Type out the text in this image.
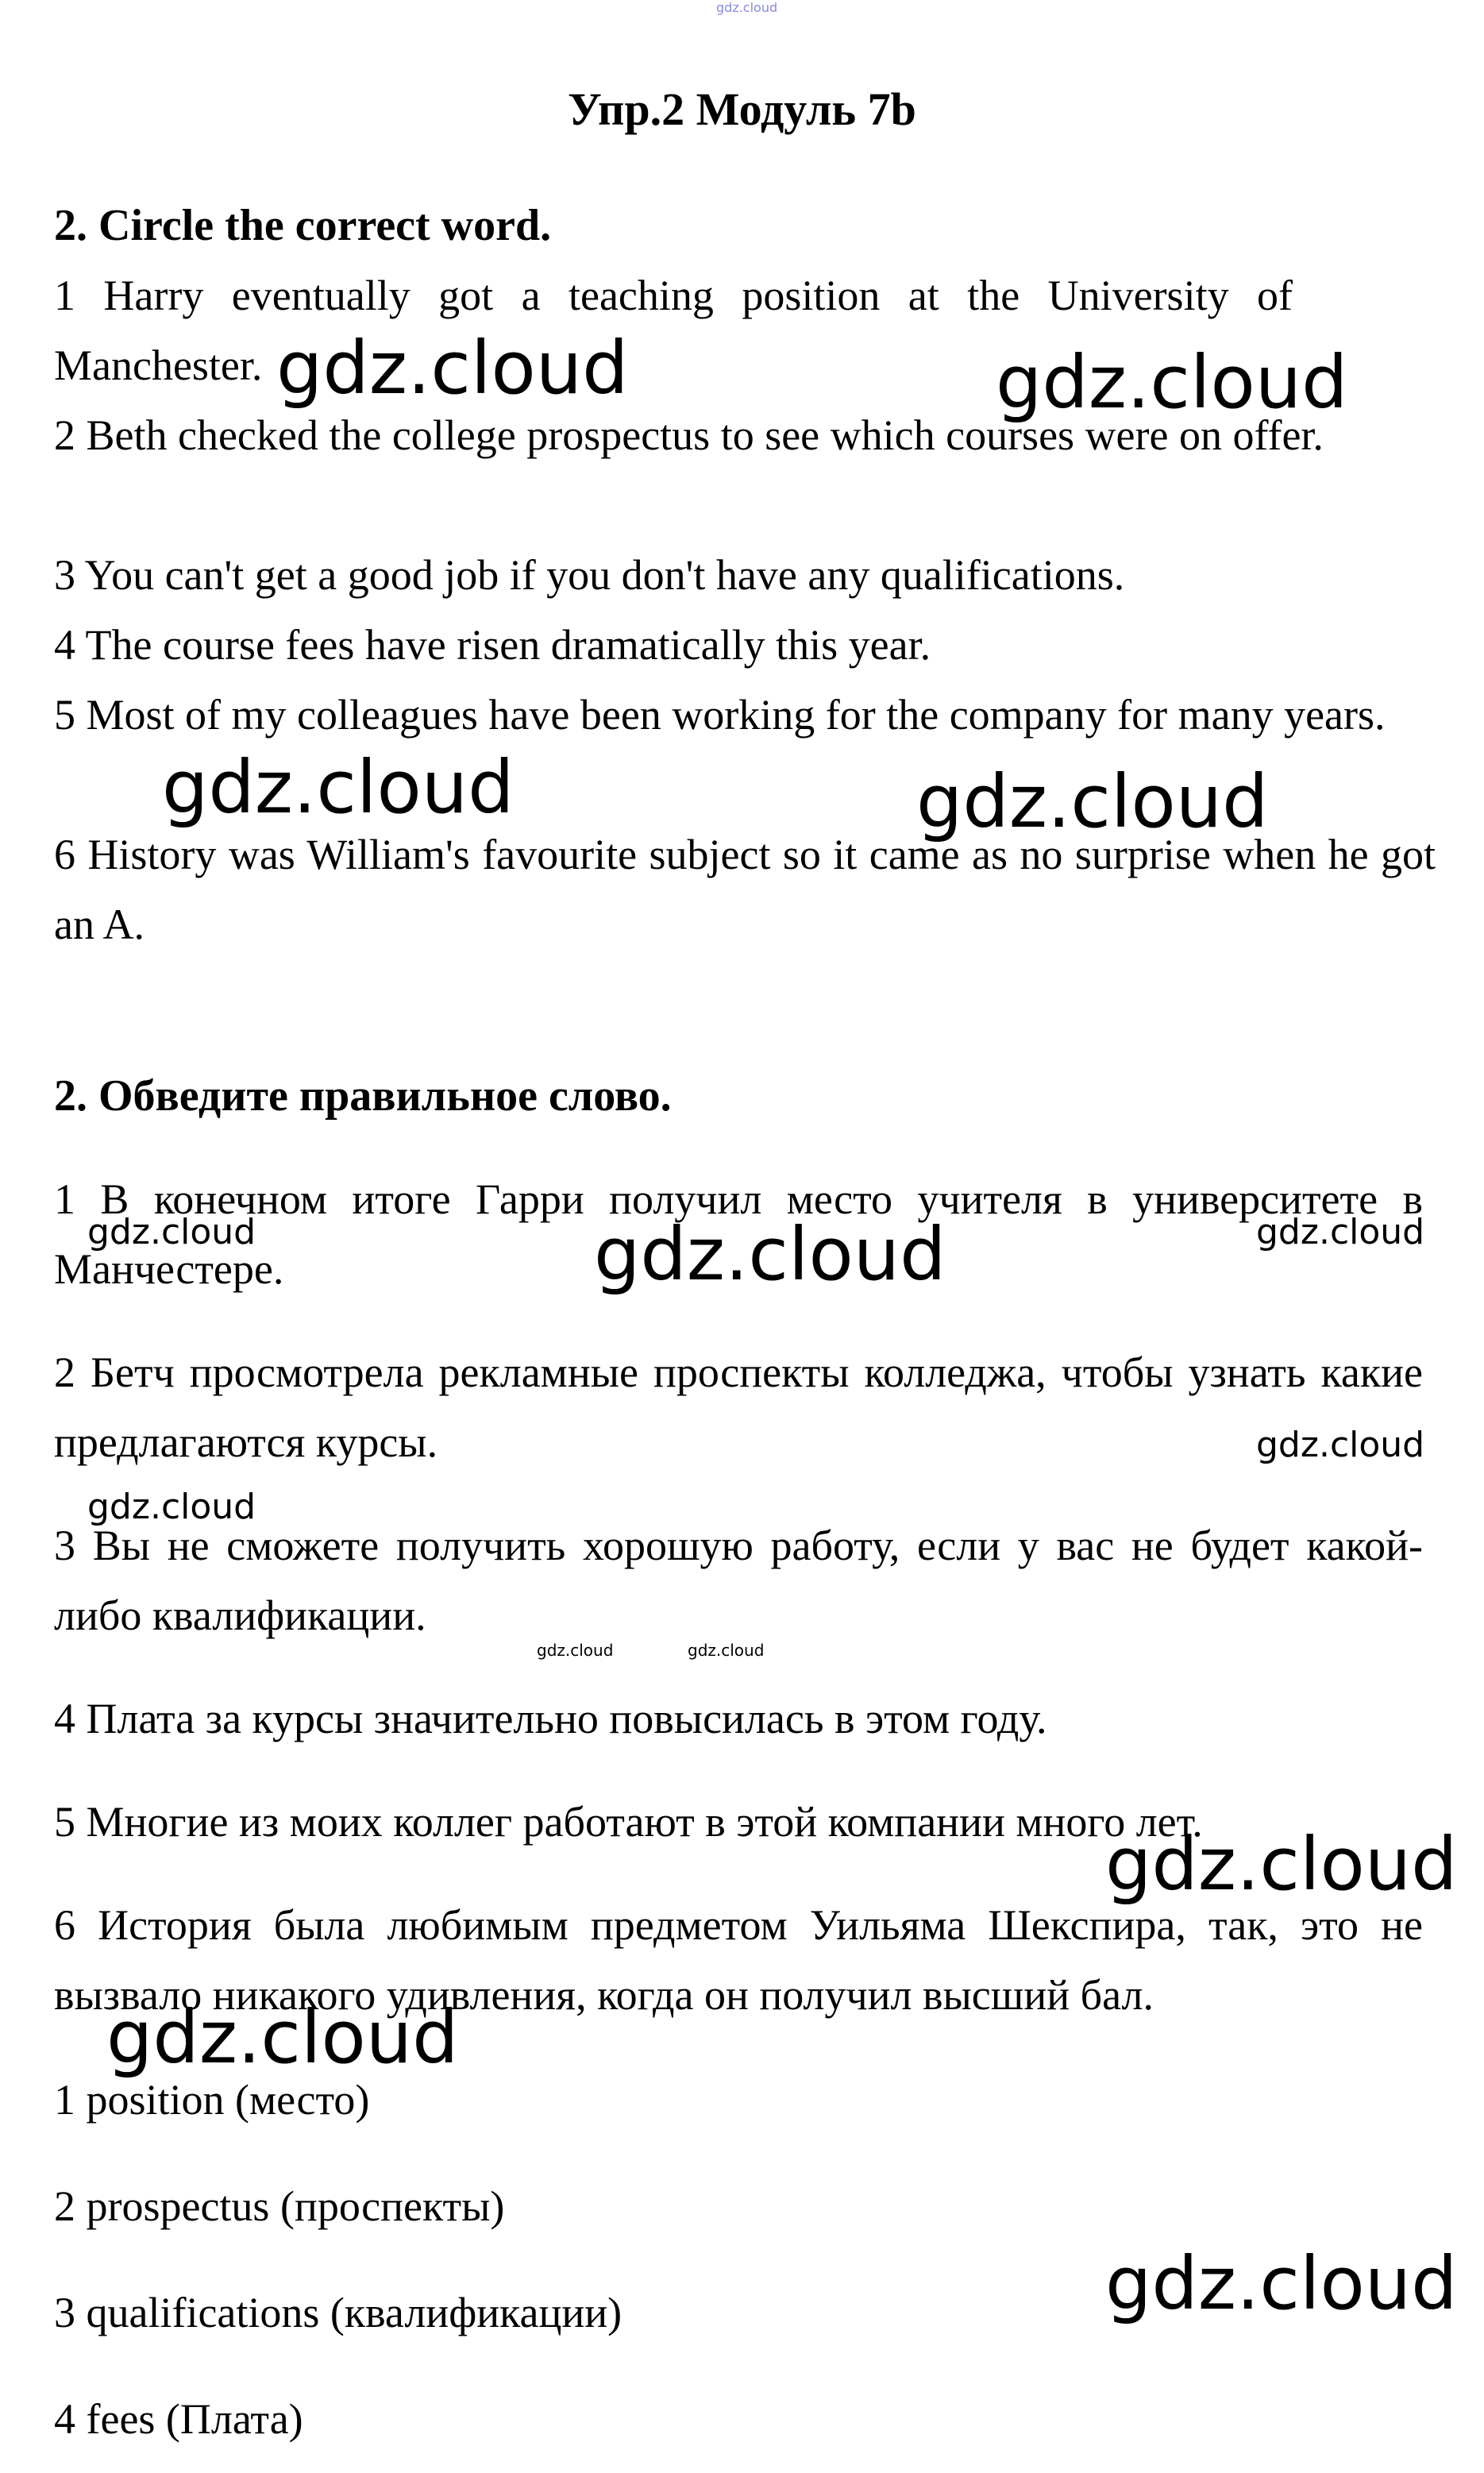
gdz.cloud
Упр.2 Модуль 7b
2. Circle the correct word.
1 Harry eventually got a teaching position at the University of Manchester.
2 Beth checked the college prospectus to see which courses were on offer.
3 You can't get a good job if you don't have any qualifications.
4 The course fees have risen dramatically this year.
5 Most of my colleagues have been working for the company for many years.
6 History was William's favourite subject so it came as no surprise when he got an A.
2. Обведите правильное слово.
1 В конечном итоге Гарри получил место учителя в университете в Манчестере.
2 Бетч просмотрела рекламные проспекты колледжа, чтобы узнать какие предлагаются курсы.
3 Вы не сможете получить хорошую работу, если у вас не будет какой-либо квалификации.
4 Плата за курсы значительно повысилась в этом году.
5 Многие из моих коллег работают в этой компании много лет.
6 История была любимым предметом Уильяма Шекспира, так, это не вызвало никакого удивления, когда он получил высший бал.
1 position (место)
2 prospectus (проспекты)
3 qualifications (квалификации)
4 fees (Плата)
gdz.cloud	gdz.cloud
gdz.cloud	gdz.cloud
gdz.cloud	gdz.cloud
gdz.cloud
gdz.cloud
gdz.cloud
gdz.cloud	gdz.cloud
gdz.cloud
gdz.cloud
gdz.cloud
